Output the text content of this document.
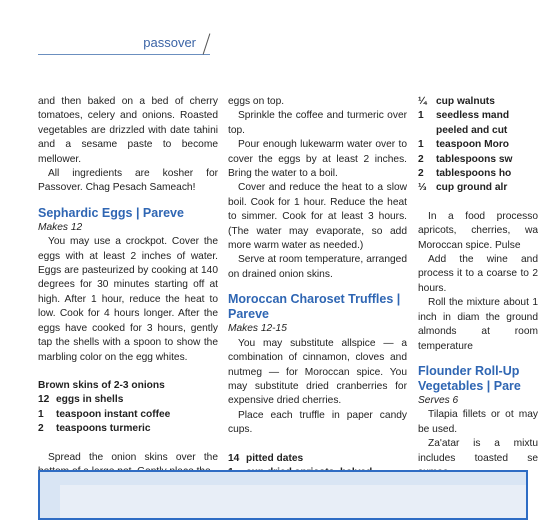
passover

and then baked on a bed of cherry tomatoes, celery and onions. Roasted vegetables are drizzled with date tahini and a sesame paste to become mellower.

All ingredients are kosher for Passover. Chag Pesach Sameach!

Sephardic Eggs | Pareve
Makes 12

You may use a crockpot. Cover the eggs with at least 2 inches of water. Eggs are pasteurized by cooking at 140 degrees for 30 minutes starting off at high. After 1 hour, reduce the heat to low. Cook for 4 hours longer. After the eggs have cooked for 3 hours, gently tap the shells with a spoon to show the marbling color on the egg whites.

Brown skins of 2-3 onions
12 eggs in shells
1	teaspoon instant coffee
2	teaspoons turmeric

Spread the onion skins over the

eggs on top.

Sprinkle the coffee and turmeric over top.

Pour enough lukewarm water over to cover the eggs by at least 2 inches. Bring the water to a boil.

Cover and reduce the heat to a slow boil. Cook for 1 hour. Reduce the heat to simmer. Cook for at least 3 hours. (The water may evaporate, so add more warm water as needed.)

Serve at room temperature, arranged on drained onion skins.

Moroccan Charoset Truffles | Pareve
Makes 12-15

You may substitute allspice — a combination of cinnamon, cloves and nutmeg — for Moroccan spice. You may substitute dried cranberries for expensive dried cherries.

Place each truffle in paper candy cups.

14 pitted dates
¼ cup walnuts
1	seedless mand
peeled and cut
1	teaspoon Moro
2	tablespoons sw
2	tablespoons ho
⅓ cup ground alr

In a food processo apricots, cherries, wa Moroccan spice. Pulse

Add the wine and process it to a coarse to 2 hours.

Roll the mixture about 1 inch in diam the ground almonds at room temperature

Flounder Roll-Up Vegetables | Pare
Serves 6

Tilapia fillets or ot may be used.

Za'atar is a mixtu includes toasted se
